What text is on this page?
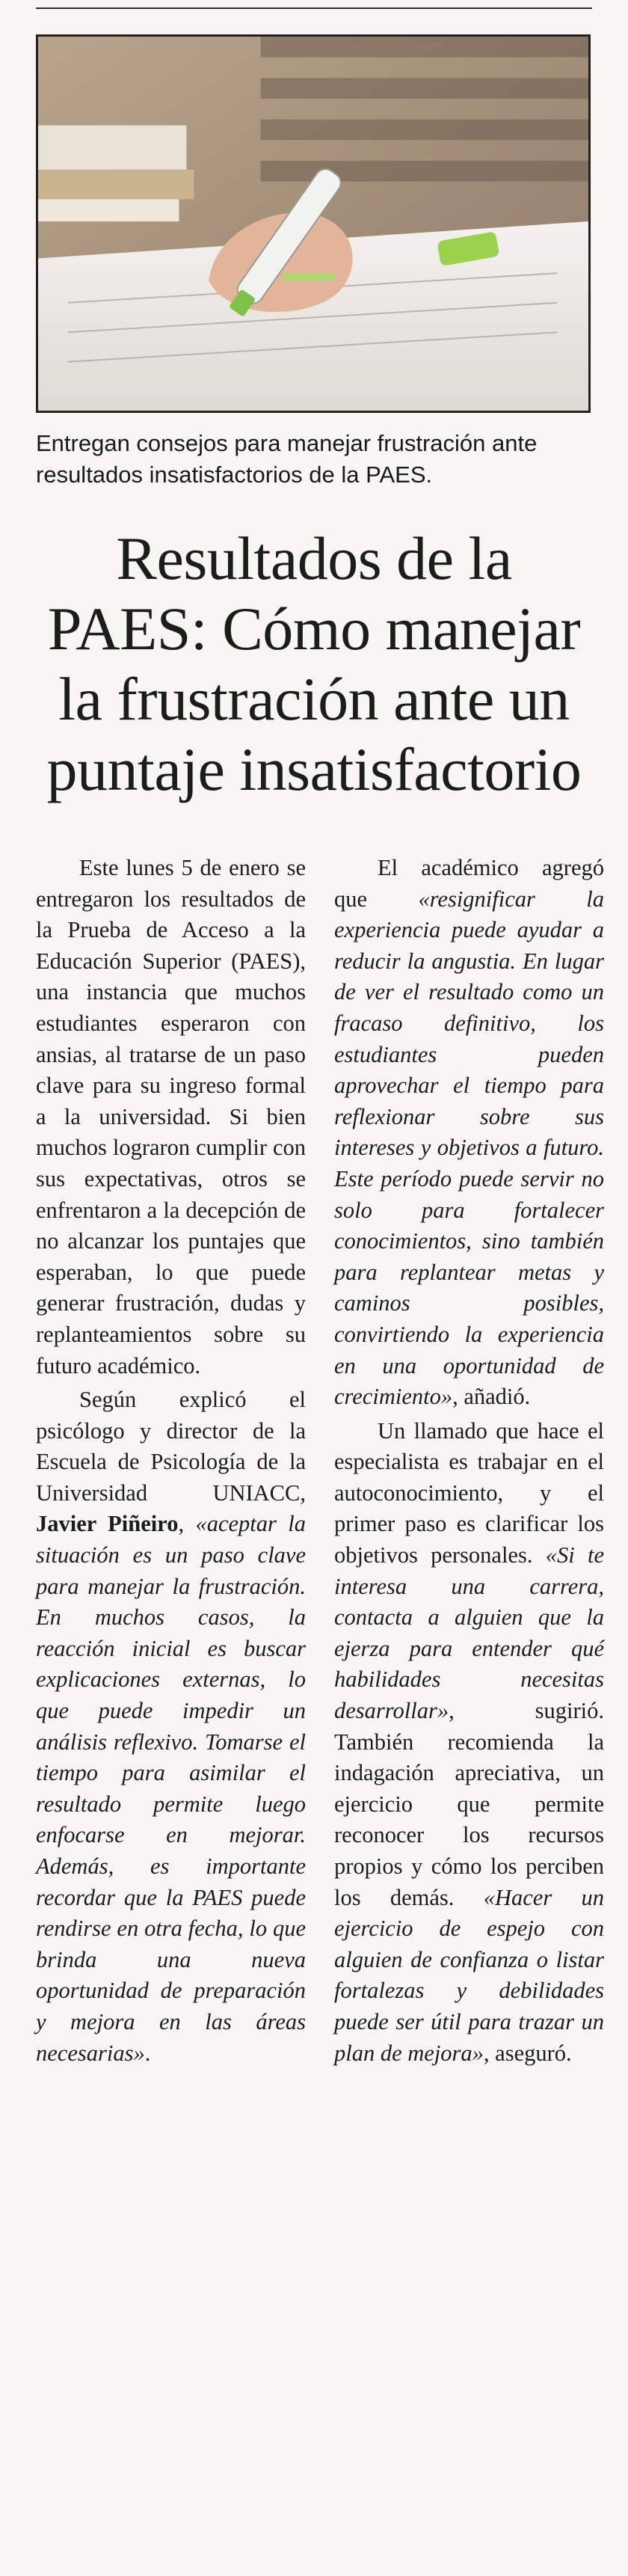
Entregan consejos para manejar frustración ante resultados insatisfactorios de la PAES.
Resultados de la PAES: Cómo manejar la frustración ante un puntaje insatisfactorio

Este lunes 5 de enero se entregaron los resultados de la Prueba de Acceso a la Educación Superior (PAES), una instancia que muchos estudiantes esperaron con ansias, al tratarse de un paso clave para su ingreso formal a la universidad. Si bien muchos lograron cumplir con sus expectativas, otros se enfrentaron a la decepción de no alcanzar los puntajes que esperaban, lo que puede generar frustración, dudas y replanteamientos sobre su futuro académico.

Según explicó el psicólogo y director de la Escuela de Psicología de la Universidad UNIACC, Javier Piñeiro, «aceptar la situación es un paso clave para manejar la frustración. En muchos casos, la reacción inicial es buscar explicaciones externas, lo que puede impedir un análisis reflexivo. Tomarse el tiempo para asimilar el resultado permite luego enfocarse en mejorar. Además, es importante recordar que la PAES puede rendirse en otra fecha, lo que brinda una nueva oportunidad de preparación y mejora en las áreas necesarias».

El académico agregó que «resignificar la experiencia puede ayudar a reducir la angustia. En lugar de ver el resultado como un fracaso definitivo, los estudiantes pueden aprovechar el tiempo para reflexionar sobre sus intereses y objetivos a futuro. Este período puede servir no solo para fortalecer conocimientos, sino también para replantear metas y caminos posibles, convirtiendo la experiencia en una oportunidad de crecimiento», añadió.

Un llamado que hace el especialista es trabajar en el autoconocimiento, y el primer paso es clarificar los objetivos personales. «Si te interesa una carrera, contacta a alguien que la ejerza para entender qué habilidades necesitas desarrollar», sugirió. También recomienda la indagación apreciativa, un ejercicio que permite reconocer los recursos propios y cómo los perciben los demás. «Hacer un ejercicio de espejo con alguien de confianza o listar fortalezas y debilidades puede ser útil para trazar un plan de mejora», aseguró.
